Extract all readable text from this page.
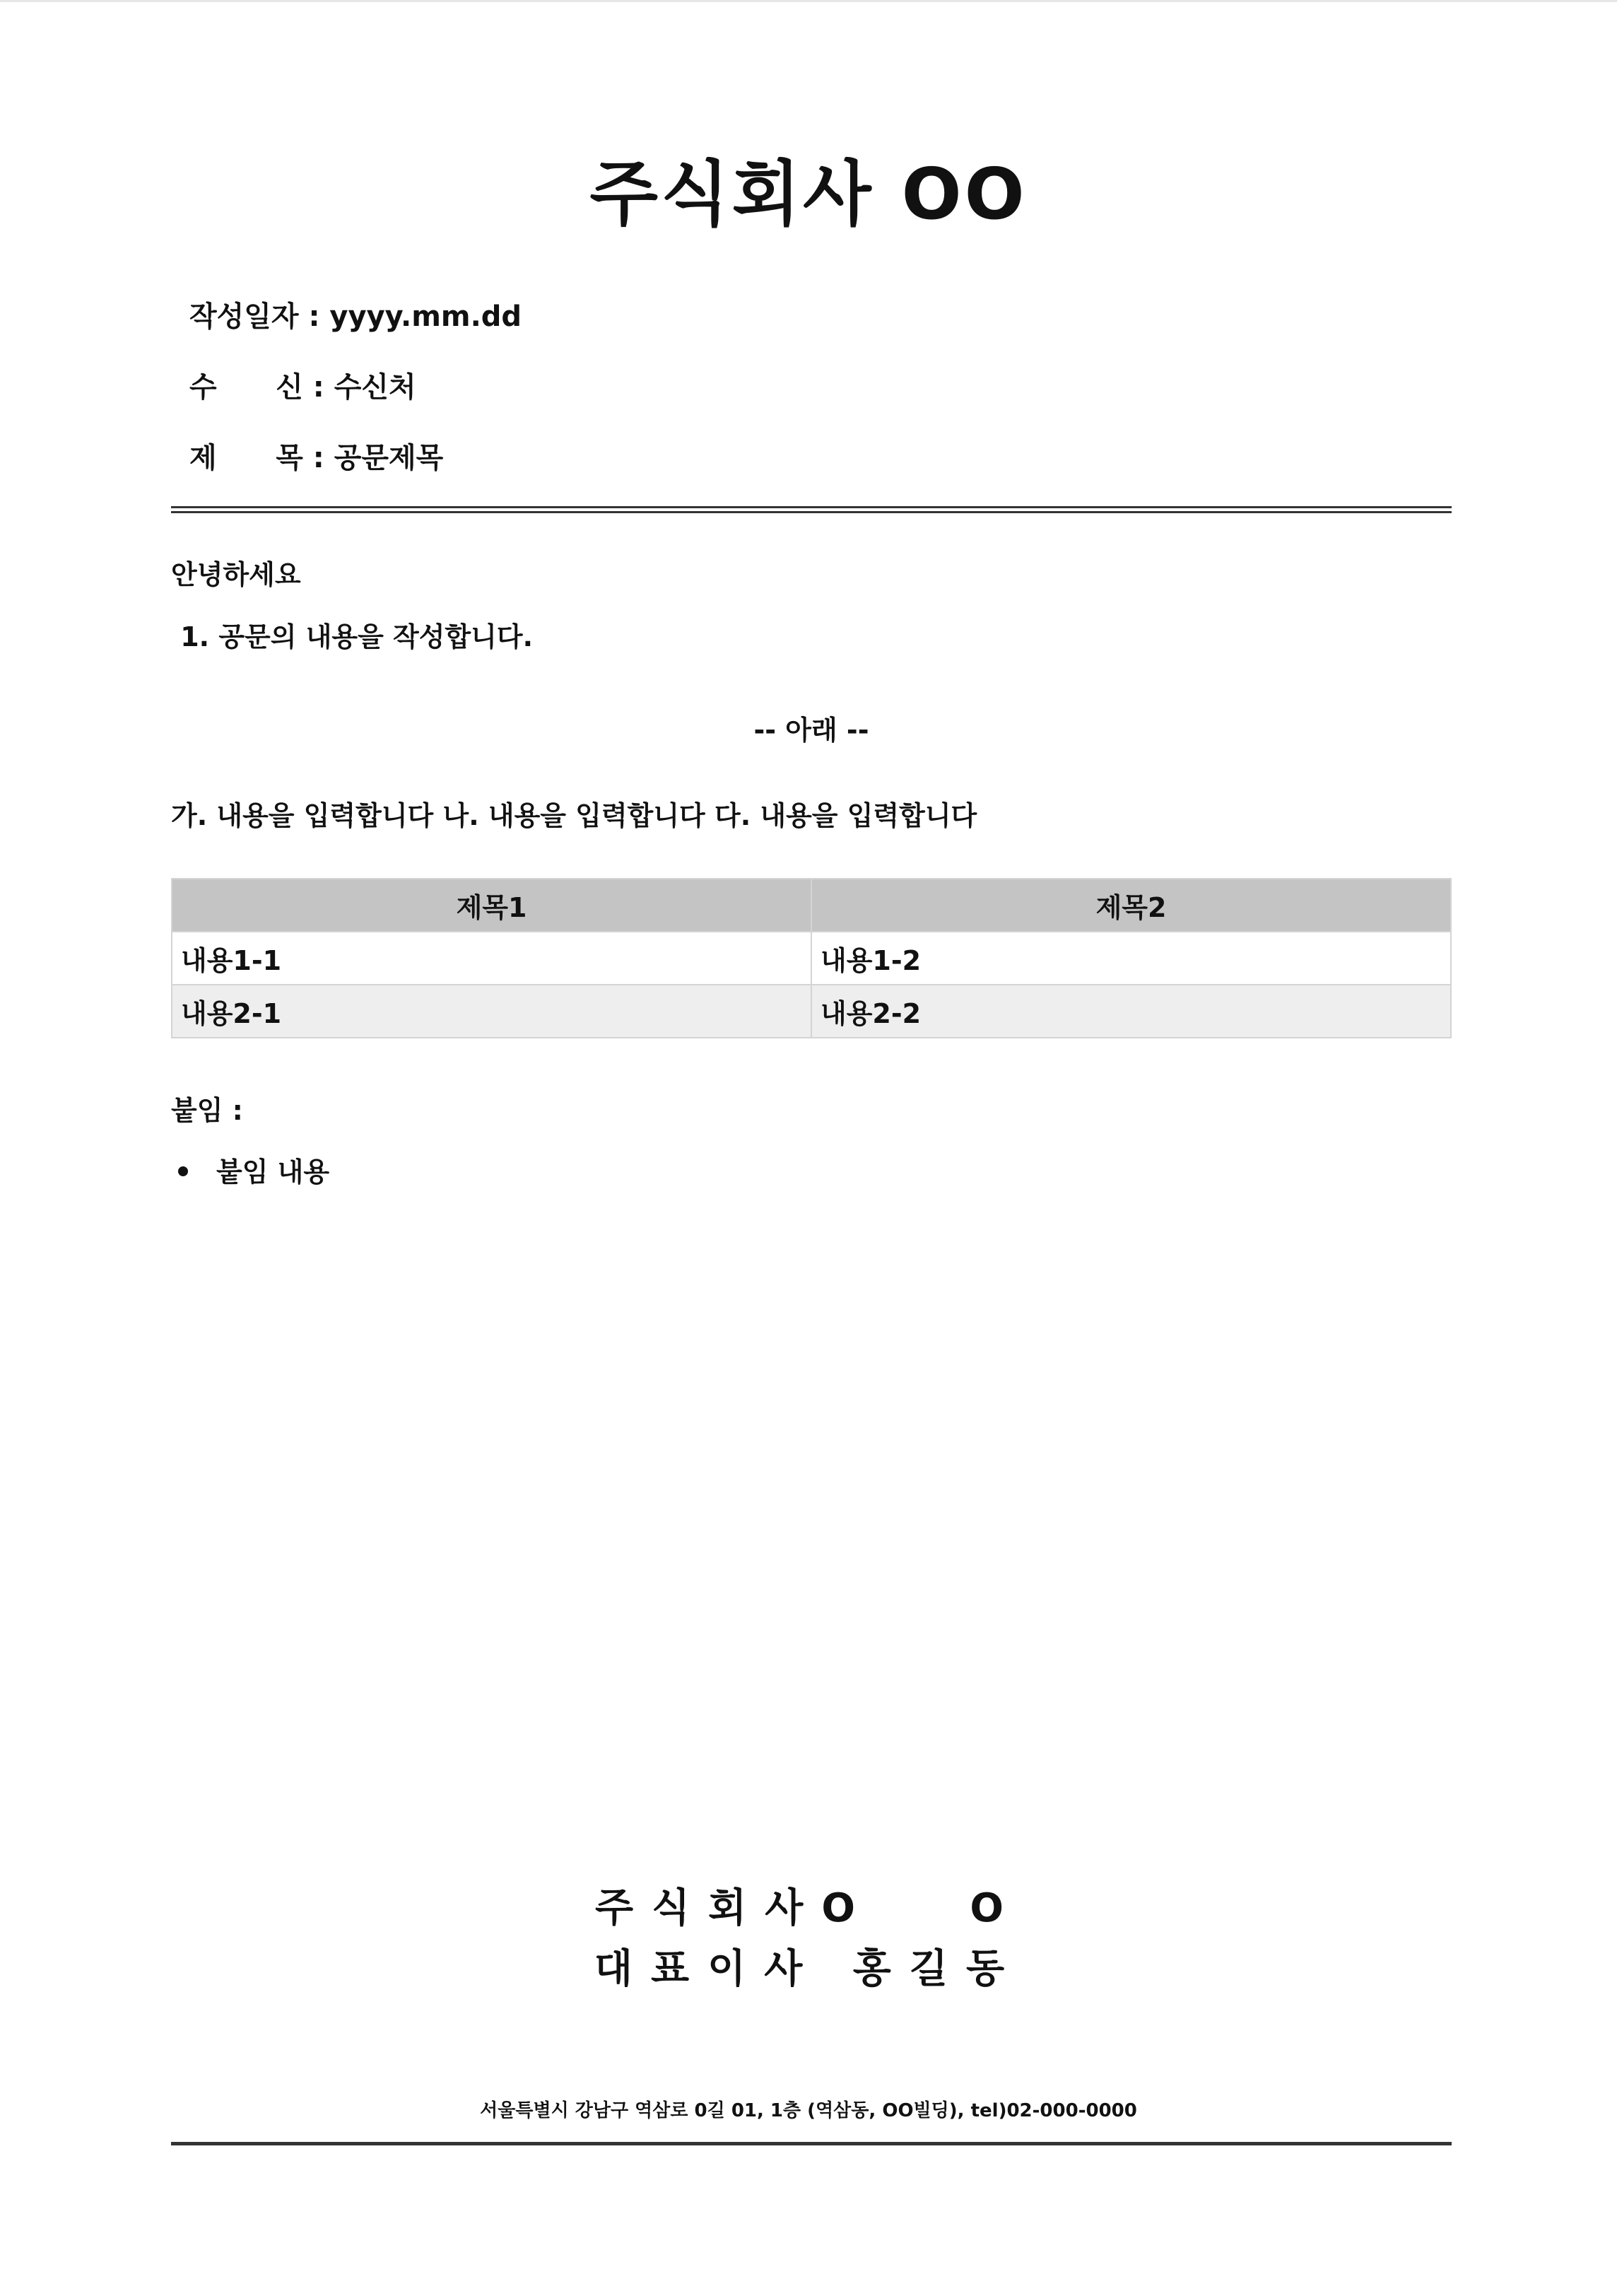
주식회사 OO
작성일자 : yyyy.mm.dd
수      신 : 수신처
제      목 : 공문제목
안녕하세요
1. 공문의 내용을 작성합니다.
-- 아래 --
가. 내용을 입력합니다 나. 내용을 입력합니다 다. 내용을 입력합니다
제목1	제목2
내용1-1	내용1-2
내용2-1	내용2-2
붙임 :
붙임 내용
주식회사O   O
대표이사 홍길동
서울특별시 강남구 역삼로 0길 01, 1층 (역삼동, OO빌딩), tel)02-000-0000
